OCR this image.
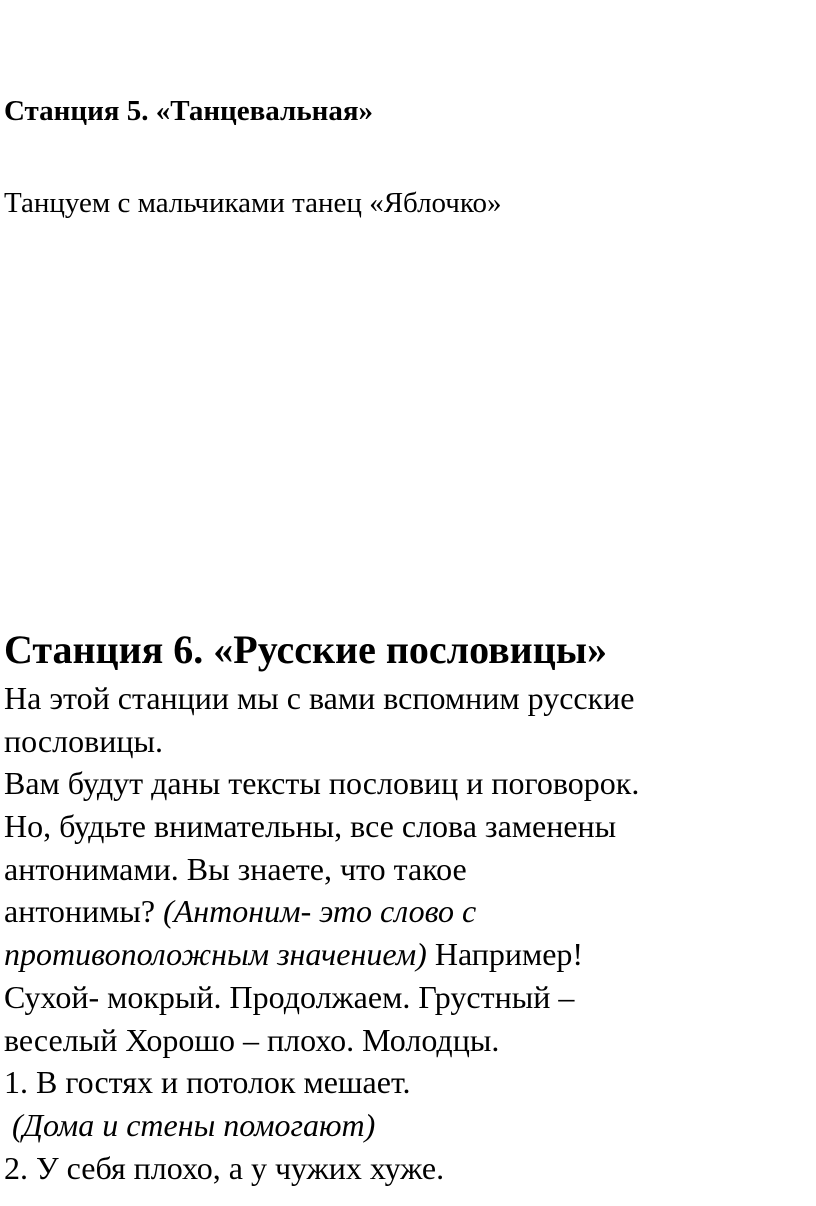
Станция 5. «Танцевальная»
Танцуем с мальчиками танец «Яблочко»
Станция 6. «Русские пословицы»
На этой станции мы с вами вспомним русские
пословицы.
Вам будут даны тексты пословиц и поговорок.
Но, будьте внимательны, все слова заменены
антонимами. Вы знаете, что такое
антонимы? (Антоним- это слово с
противоположным значением) Например!
Сухой- мокрый. Продолжаем. Грустный –
веселый Хорошо – плохо. Молодцы.
1. В гостях и потолок мешает.
(Дома и стены помогают)
2. У себя плохо, а у чужих хуже.
